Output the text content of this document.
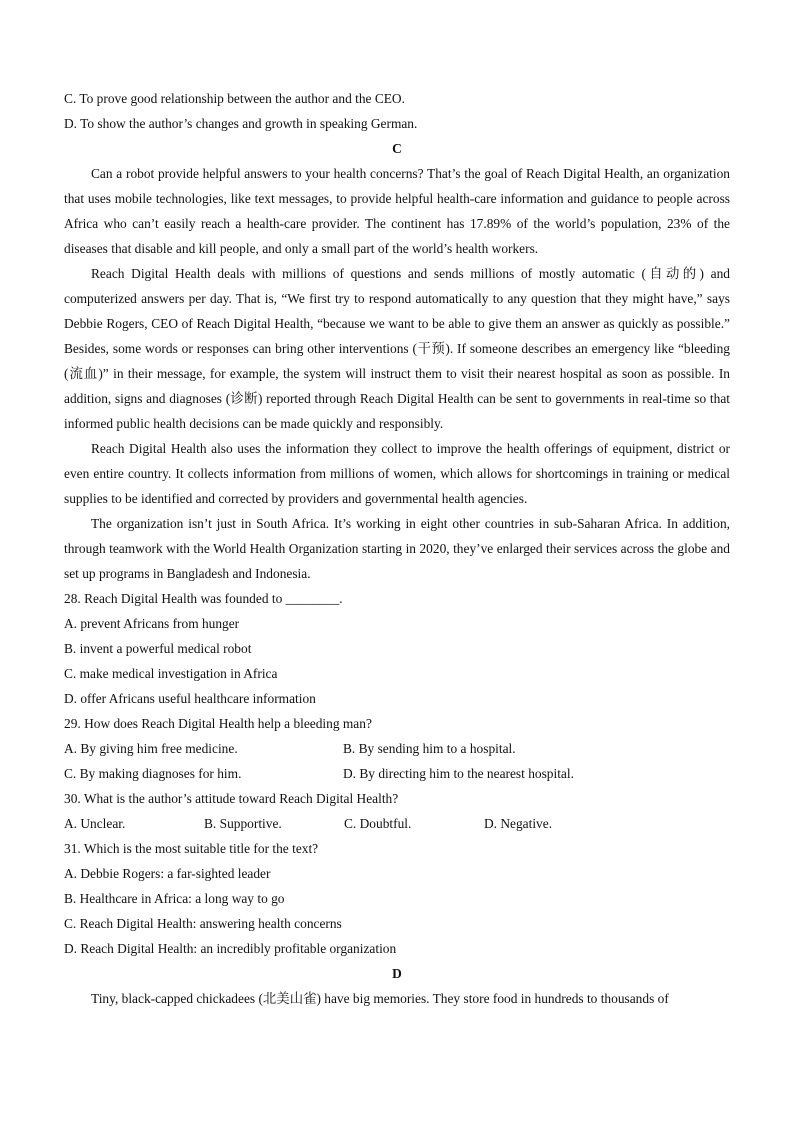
C. To prove good relationship between the author and the CEO.
D. To show the author’s changes and growth in speaking German.
C

Can a robot provide helpful answers to your health concerns? That’s the goal of Reach Digital Health, an organization that uses mobile technologies, like text messages, to provide helpful health-care information and guidance to people across Africa who can’t easily reach a health-care provider. The continent has 17.89% of the world’s population, 23% of the diseases that disable and kill people, and only a small part of the world’s health workers.

Reach Digital Health deals with millions of questions and sends millions of mostly automatic (自动的) and computerized answers per day. That is, “We first try to respond automatically to any question that they might have,” says Debbie Rogers, CEO of Reach Digital Health, “because we want to be able to give them an answer as quickly as possible.” Besides, some words or responses can bring other interventions (干预). If someone describes an emergency like “bleeding (流血)” in their message, for example, the system will instruct them to visit their nearest hospital as soon as possible. In addition, signs and diagnoses (诊断) reported through Reach Digital Health can be sent to governments in real-time so that informed public health decisions can be made quickly and responsibly.

Reach Digital Health also uses the information they collect to improve the health offerings of equipment, district or even entire country. It collects information from millions of women, which allows for shortcomings in training or medical supplies to be identified and corrected by providers and governmental health agencies.

The organization isn’t just in South Africa. It’s working in eight other countries in sub-Saharan Africa. In addition, through teamwork with the World Health Organization starting in 2020, they’ve enlarged their services across the globe and set up programs in Bangladesh and Indonesia.

28. Reach Digital Health was founded to ________.
A. prevent Africans from hunger
B. invent a powerful medical robot
C. make medical investigation in Africa
D. offer Africans useful healthcare information
29. How does Reach Digital Health help a bleeding man?
A. By giving him free medicine.	B. By sending him to a hospital.
C. By making diagnoses for him.	D. By directing him to the nearest hospital.
30. What is the author’s attitude toward Reach Digital Health?
A. Unclear.	B. Supportive.	C. Doubtful.	D. Negative.
31. Which is the most suitable title for the text?
A. Debbie Rogers: a far-sighted leader
B. Healthcare in Africa: a long way to go
C. Reach Digital Health: answering health concerns
D. Reach Digital Health: an incredibly profitable organization
D

Tiny, black-capped chickadees (北美山雀) have big memories. They store food in hundreds to thousands of
